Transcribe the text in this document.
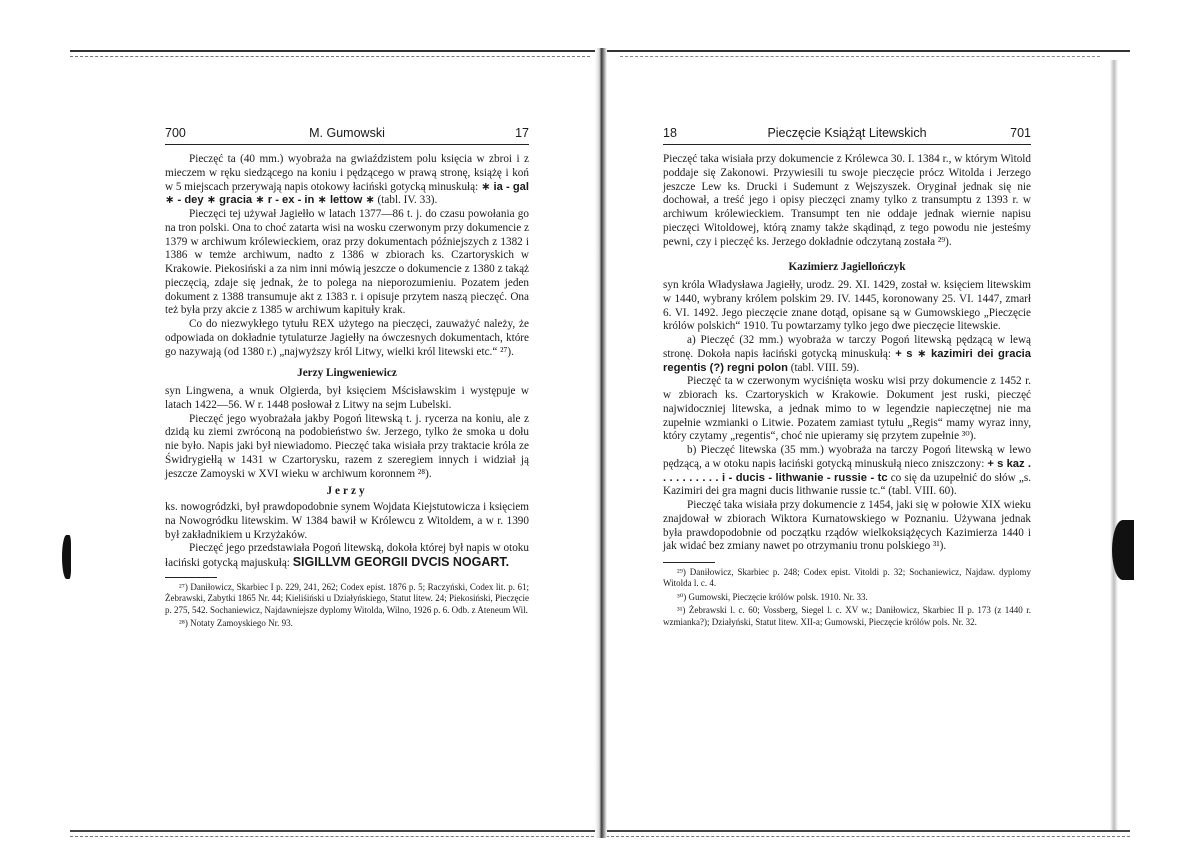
700	M. Gumowski	17

Pieczęć ta (40 mm.) wyobraża na gwiaździstem polu księcia w zbroi i z mieczem w ręku siedzącego na koniu i pędzącego w prawą stronę, książę i koń w 5 miejscach przerywają napis otokowy łaciński gotycką minuskułą: ∗ ia - gal ∗ - dey ∗ gracia ∗ r - ex - in ∗ lettow ∗ (tabl. IV. 33).

Pieczęci tej używał Jagiełło w latach 1377—86 t. j. do czasu powołania go na tron polski. Ona to choć zatarta wisi na wosku czerwonym przy dokumencie z 1379 w archiwum królewieckiem, oraz przy dokumentach późniejszych z 1382 i 1386 w temże archiwum, nadto z 1386 w zbiorach ks. Czartoryskich w Krakowie. Piekosiński a za nim inni mówią jeszcze o dokumencie z 1380 z takąż pieczęcią, zdaje się jednak, że to polega na nieporozumieniu. Pozatem jeden dokument z 1388 transumuje akt z 1383 r. i opisuje przytem naszą pieczęć. Ona też była przy akcie z 1385 w archiwum kapituły krak.

Co do niezwykłego tytułu REX użytego na pieczęci, zauważyć należy, że odpowiada on dokładnie tytulaturze Jagiełły na ówczesnych dokumentach, które go nazywają (od 1380 r.) „najwyższy król Litwy, wielki król litewski etc.“ ²⁷).

Jerzy Lingweniewicz

syn Lingwena, a wnuk Olgierda, był księciem Mścisławskim i występuje w latach 1422—56. W r. 1448 posłował z Litwy na sejm Lubelski.

Pieczęć jego wyobrażała jakby Pogoń litewską t. j. rycerza na koniu, ale z dzidą ku ziemi zwróconą na podobieństwo św. Jerzego, tylko że smoka u dołu nie było. Napis jaki był niewiadomo. Pieczęć taka wisiała przy traktacie króla ze Świdrygiełłą w 1431 w Czartorysku, razem z szeregiem innych i widział ją jeszcze Zamoyski w XVI wieku w archiwum koronnem ²⁸).

Jerzy

ks. nowogródzki, był prawdopodobnie synem Wojdata Kiejstutowicza i księciem na Nowogródku litewskim. W 1384 bawił w Królewcu z Witoldem, a w r. 1390 był zakładnikiem u Krzyżaków.

Pieczęć jego przedstawiała Pogoń litewską, dokoła której był napis w otoku łaciński gotycką majuskułą: SIGILLVM GEORGII DVCIS NOGART.

²⁷) Daniłowicz, Skarbiec I p. 229, 241, 262; Codex epist. 1876 p. 5; Raczyński, Codex lit. p. 61; Żebrawski, Zabytki 1865 Nr. 44; Kieliśiński u Działyńskiego, Statut litew. 24; Piekosiński, Pieczęcie p. 275, 542. Sochaniewicz, Najdawniejsze dyplomy Witolda, Wilno, 1926 p. 6. Odb. z Ateneum Wil.

²⁸) Notaty Zamoyskiego Nr. 93.

18	Pieczęcie Książąt Litewskich	701

Pieczęć taka wisiała przy dokumencie z Królewca 30. I. 1384 r., w którym Witold poddaje się Zakonowi. Przywiesili tu swoje pieczęcie prócz Witolda i Jerzego jeszcze Lew ks. Drucki i Sudemunt z Wejszyszek. Oryginał jednak się nie dochował, a treść jego i opisy pieczęci znamy tylko z transumptu z 1393 r. w archiwum królewieckiem. Transumpt ten nie oddaje jednak wiernie napisu pieczęci Witoldowej, którą znamy także skądinąd, z tego powodu nie jesteśmy pewni, czy i pieczęć ks. Jerzego dokładnie odczytaną została ²⁹).

Kazimierz Jagiellończyk

syn króla Władysława Jagiełły, urodz. 29. XI. 1429, został w. księciem litewskim w 1440, wybrany królem polskim 29. IV. 1445, koronowany 25. VI. 1447, zmarł 6. VI. 1492. Jego pieczęcie znane dotąd, opisane są w Gumowskiego „Pieczęcie królów polskich“ 1910. Tu powtarzamy tylko jego dwe pieczęcie litewskie.

a) Pieczęć (32 mm.) wyobraża w tarczy Pogoń litewską pędzącą w lewą stronę. Dokoła napis łaciński gotycką minuskułą: + s ∗ kazimiri dei gracia regentis (?) regni polon (tabl. VIII. 59).

Pieczęć ta w czerwonym wyciśnięta wosku wisi przy dokumencie z 1452 r. w zbiorach ks. Czartoryskich w Krakowie. Dokument jest ruski, pieczęć najwidoczniej litewska, a jednak mimo to w legendzie napieczętnej nie ma zupełnie wzmianki o Litwie. Pozatem zamiast tytułu „Regis“ mamy wyraz inny, który czytamy „regentis“, choć nie upieramy się przytem zupełnie ³⁰).

b) Pieczęć litewska (35 mm.) wyobraża na tarczy Pogoń litewską w lewo pędzącą, a w otoku napis łaciński gotycką minuskułą nieco zniszczony: + s kaz . . . . . . . . . . i - ducis - lithwanie - russie - tc co się da uzupełnić do słów „s. Kazimiri dei gra magni ducis lithwanie russie tc.“ (tabl. VIII. 60).

Pieczęć taka wisiała przy dokumencie z 1454, jaki się w połowie XIX wieku znajdował w zbiorach Wiktora Kurnatowskiego w Poznaniu. Używana jednak była prawdopodobnie od początku rządów wielkoksiążęcych Kazimierza 1440 i jak widać bez zmiany nawet po otrzymaniu tronu polskiego ³¹).

²⁹) Daniłowicz, Skarbiec p. 248; Codex epist. Vitoldi p. 32; Sochaniewicz, Najdaw. dyplomy Witolda l. c. 4.

³⁰) Gumowski, Pieczęcie królów polsk. 1910. Nr. 33.

³¹) Żebrawski l. c. 60; Vossberg, Siegel l. c. XV w.; Daniłowicz, Skarbiec II p. 173 (z 1440 r. wzmianka?); Działyński, Statut litew. XII-a; Gumowski, Pieczęcie królów pols. Nr. 32.
